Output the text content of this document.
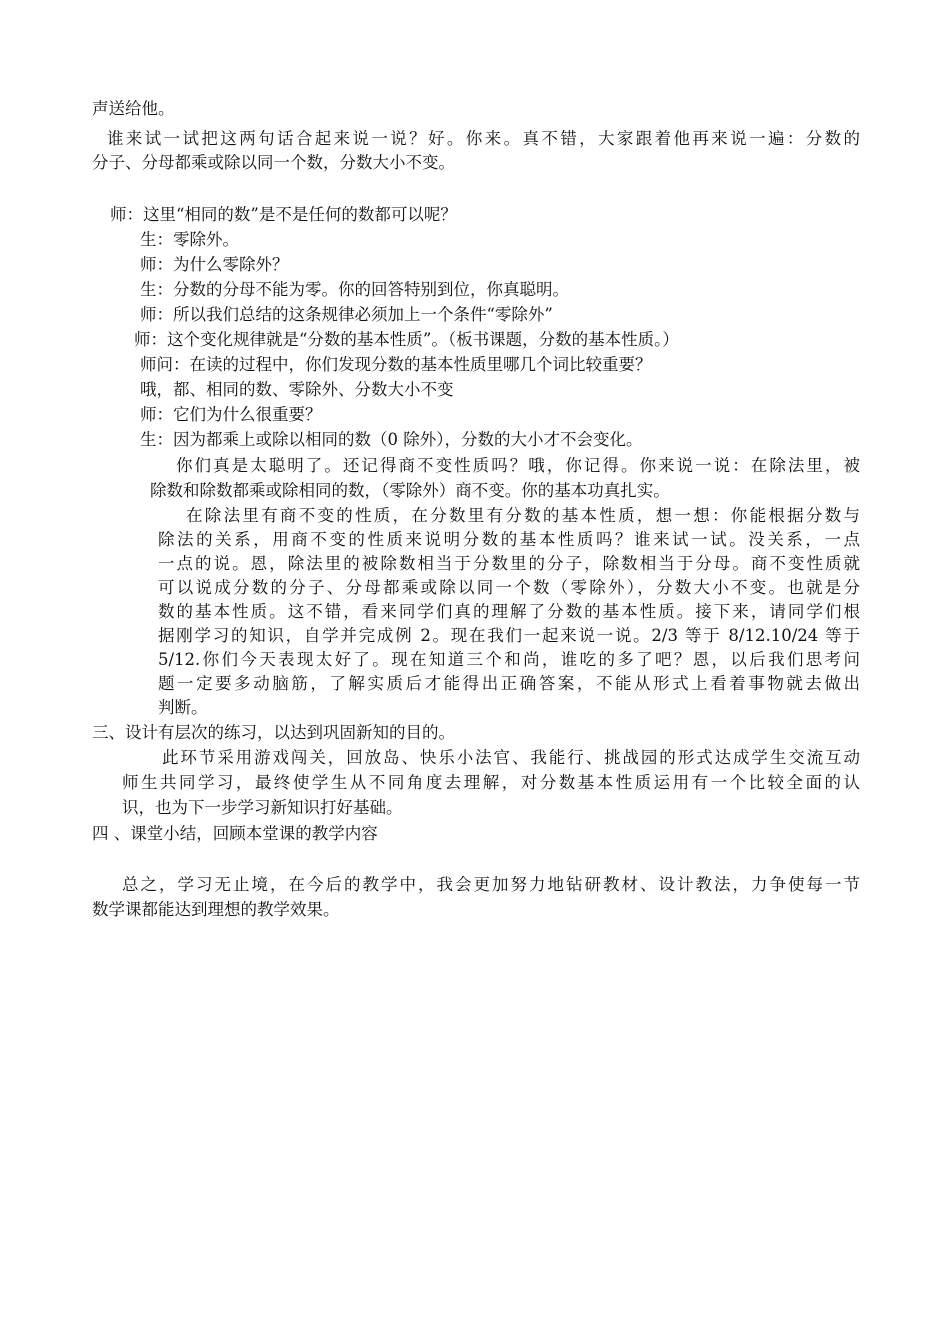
声送给他。

谁来试一试把这两句话合起来说一说？好。你来。真不错，大家跟着他再来说一遍：分数的

分子、分母都乘或除以同一个数，分数大小不变。

师：这里“相同的数”是不是任何的数都可以呢？

生：零除外。

师：为什么零除外？

生：分数的分母不能为零。你的回答特别到位，你真聪明。

师：所以我们总结的这条规律必须加上一个条件“零除外”

师：这个变化规律就是“分数的基本性质”。（板书课题，分数的基本性质。）

师问：在读的过程中，你们发现分数的基本性质里哪几个词比较重要？

哦，都、相同的数、零除外、分数大小不变

师：它们为什么很重要？

生：因为都乘上或除以相同的数（0 除外），分数的大小才不会变化。

你们真是太聪明了。还记得商不变性质吗？哦，你记得。你来说一说：在除法里，被

除数和除数都乘或除相同的数，（零除外）商不变。你的基本功真扎实。

在除法里有商不变的性质，在分数里有分数的基本性质，想一想：你能根据分数与

除法的关系，用商不变的性质来说明分数的基本性质吗？谁来试一试。没关系，一点

一点的说。恩，除法里的被除数相当于分数里的分子，除数相当于分母。商不变性质就

可以说成分数的分子、分母都乘或除以同一个数（零除外），分数大小不变。也就是分

数的基本性质。这不错，看来同学们真的理解了分数的基本性质。接下来，请同学们根

据刚学习的知识，自学并完成例 2。现在我们一起来说一说。2/3 等于 8/12.10/24 等于

5/12.你们今天表现太好了。现在知道三个和尚，谁吃的多了吧？恩，以后我们思考问

题一定要多动脑筋，了解实质后才能得出正确答案，不能从形式上看着事物就去做出

判断。

三、设计有层次的练习，以达到巩固新知的目的。

此环节采用游戏闯关，回放岛、快乐小法官、我能行、挑战园的形式达成学生交流互动

师生共同学习，最终使学生从不同角度去理解，对分数基本性质运用有一个比较全面的认

识，也为下一步学习新知识打好基础。

四 、课堂小结，回顾本堂课的教学内容

总之，学习无止境，在今后的教学中，我会更加努力地钻研教材、设计教法，力争使每一节

数学课都能达到理想的教学效果。
